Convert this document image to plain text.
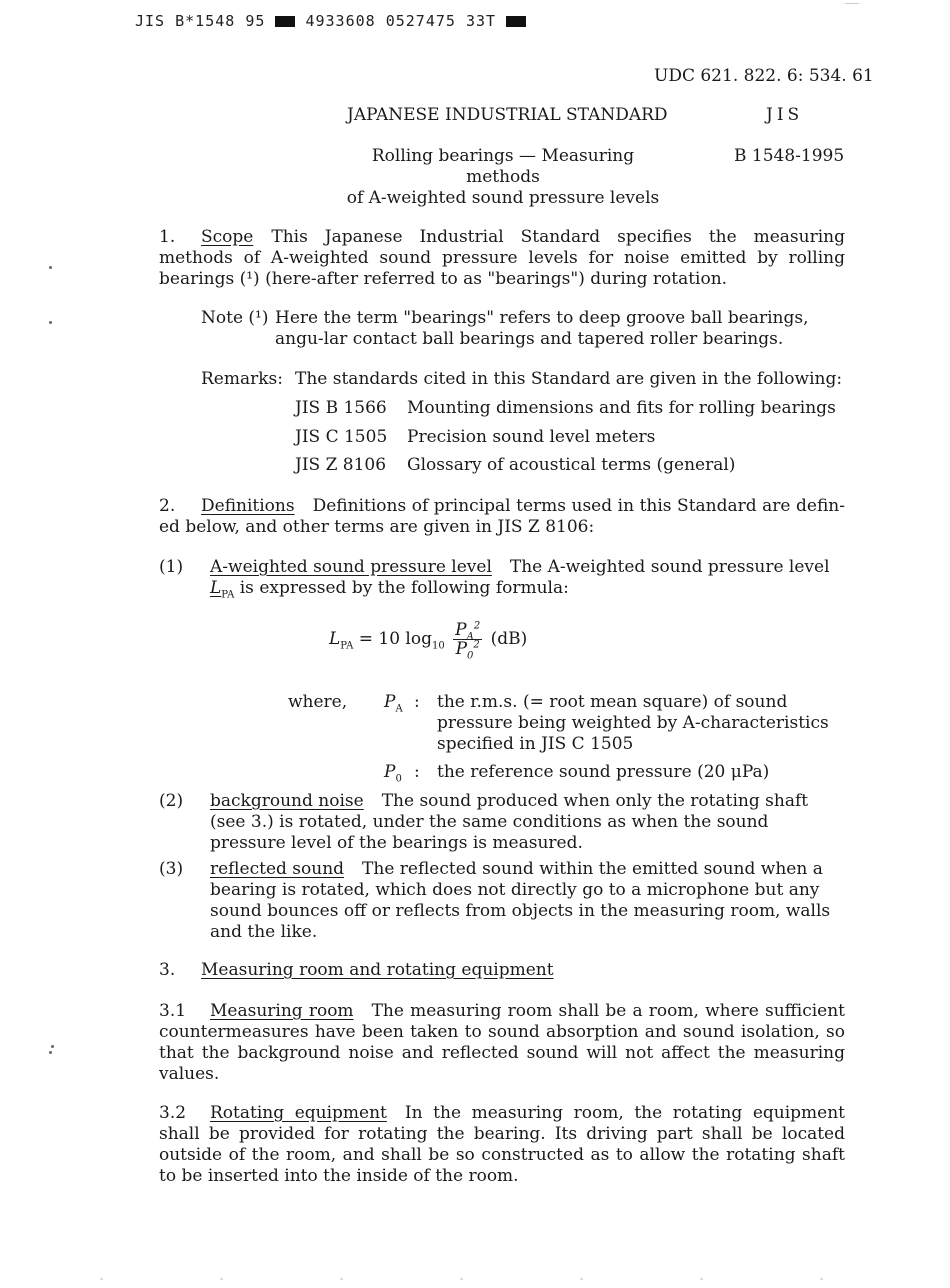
JIS B*1548 95	4933608 0527475 33T
UDC 621. 822. 6: 534. 61
JAPANESE INDUSTRIAL STANDARD	JIS
Rolling bearings — Measuring methods
of A-weighted sound pressure levels
B 1548-1995
1. Scope This Japanese Industrial Standard specifies the measuring methods of A-weighted sound pressure levels for noise emitted by rolling bearings (¹) (here-after referred to as "bearings") during rotation.
Note (¹) Here the term "bearings" refers to deep groove ball bearings, angu-lar contact ball bearings and tapered roller bearings.
Remarks: The standards cited in this Standard are given in the following:
JIS B 1566 Mounting dimensions and fits for rolling bearings
JIS C 1505 Precision sound level meters
JIS Z 8106 Glossary of acoustical terms (general)
2. Definitions Definitions of principal terms used in this Standard are defin-ed below, and other terms are given in JIS Z 8106:
(1) A-weighted sound pressure level The A-weighted sound pressure level
$L_{PA}$ is expressed by the following formula:
$L_{PA} = 10$ $\log_{10} \frac{P_A^2}{P_0^2} (dB)$
where, $P_A$ : the r.m.s. (= root mean square) of sound pressure being weighted by A-characteristics specified in JIS C 1505
$P_0$ : the reference sound pressure (20 μPa)
(2) background noise The sound produced when only the rotating shaft (see 3.) is rotated, under the same conditions as when the sound pressure level of the bearings is measured.
(3) reflected sound The reflected sound within the emitted sound when a bearing is rotated, which does not directly go to a microphone but any sound bounces off or reflects from objects in the measuring room, walls and the like.
3. Measuring room and rotating equipment
3.1 Measuring room The measuring room shall be a room, where sufficient countermeasures have been taken to sound absorption and sound isolation, so that the background noise and reflected sound will not affect the measuring values.
3.2 Rotating equipment In the measuring room, the rotating equipment shall be provided for rotating the bearing. Its driving part shall be located outside of the room, and shall be so constructed as to allow the rotating shaft to be inserted into the inside of the room.
